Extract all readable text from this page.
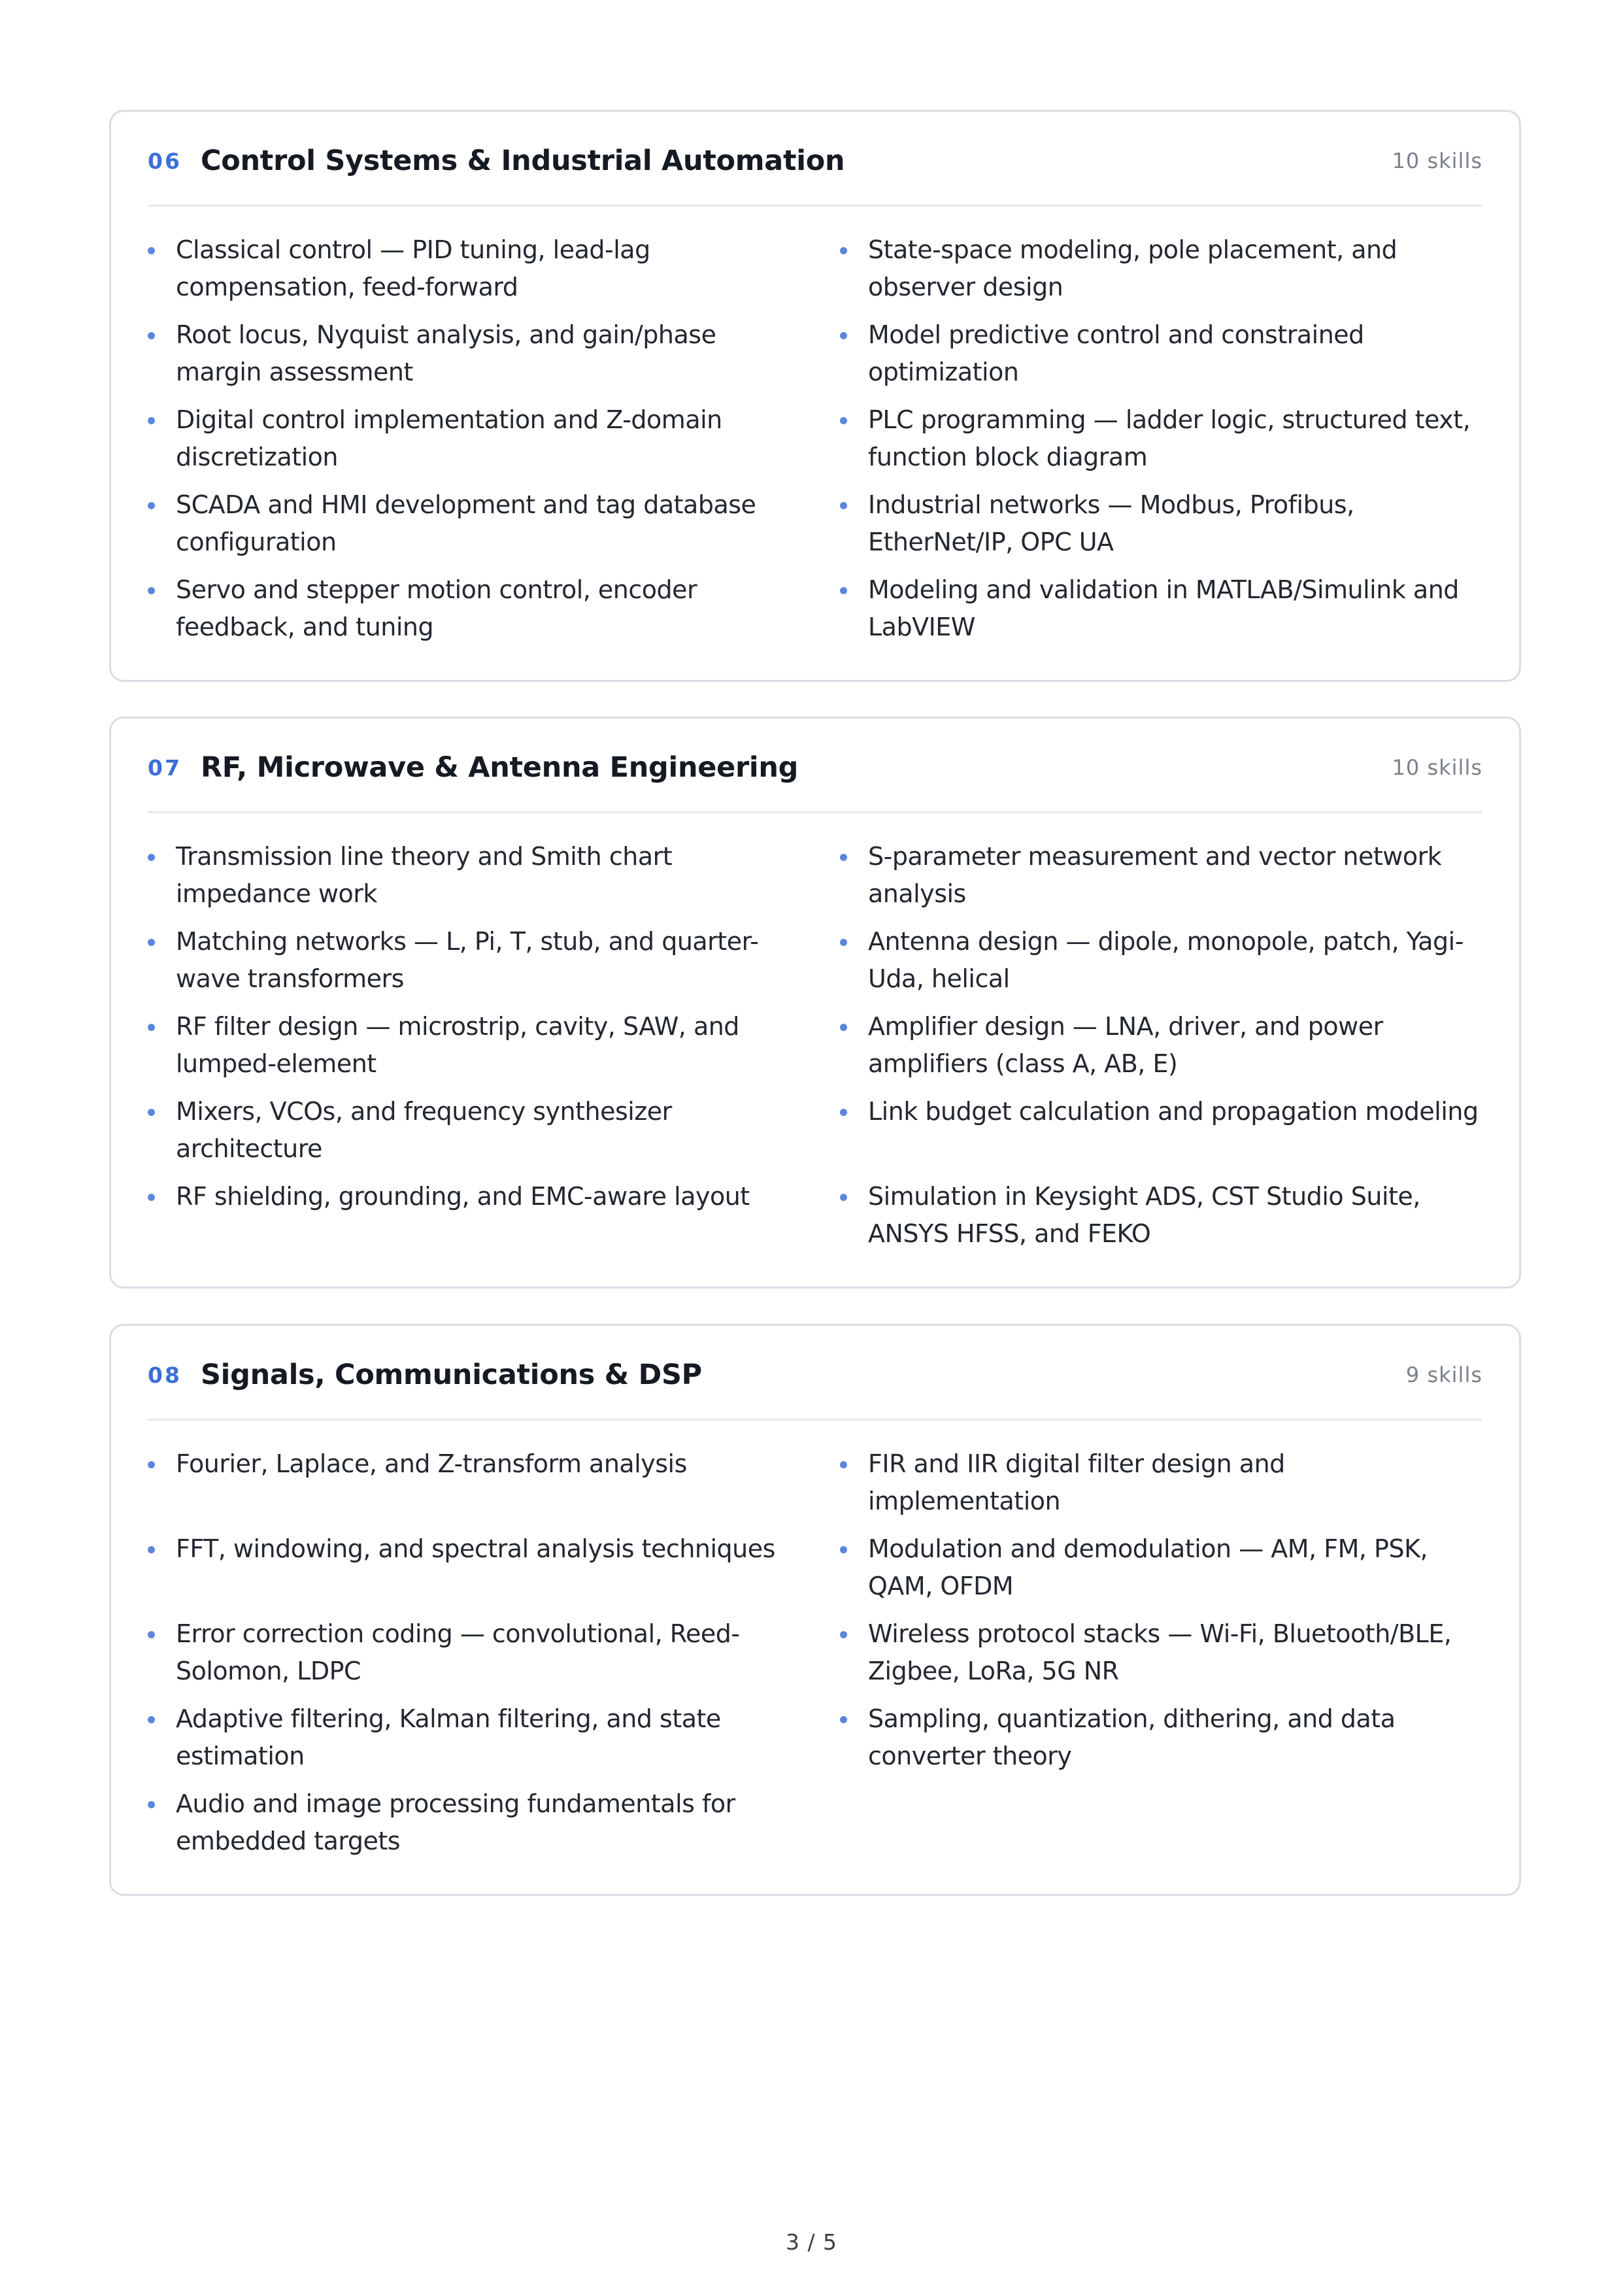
06 Control Systems & Industrial Automation	10 skills
Classical control — PID tuning, lead-lag compensation, feed-forward
State-space modeling, pole placement, and observer design
Root locus, Nyquist analysis, and gain/phase margin assessment
Model predictive control and constrained optimization
Digital control implementation and Z-domain discretization
PLC programming — ladder logic, structured text, function block diagram
SCADA and HMI development and tag database configuration
Industrial networks — Modbus, Profibus, EtherNet/IP, OPC UA
Servo and stepper motion control, encoder feedback, and tuning
Modeling and validation in MATLAB/Simulink and LabVIEW
07 RF, Microwave & Antenna Engineering	10 skills
Transmission line theory and Smith chart impedance work
S-parameter measurement and vector network analysis
Matching networks — L, Pi, T, stub, and quarter-wave transformers
Antenna design — dipole, monopole, patch, Yagi-Uda, helical
RF filter design — microstrip, cavity, SAW, and lumped-element
Amplifier design — LNA, driver, and power amplifiers (class A, AB, E)
Mixers, VCOs, and frequency synthesizer architecture
Link budget calculation and propagation modeling
RF shielding, grounding, and EMC-aware layout	Simulation in Keysight ADS, CST Studio Suite, ANSYS HFSS, and FEKO
08 Signals, Communications & DSP	9 skills
Fourier, Laplace, and Z-transform analysis	FIR and IIR digital filter design and implementation
FFT, windowing, and spectral analysis techniques	Modulation and demodulation — AM, FM, PSK, QAM, OFDM
Error correction coding — convolutional, Reed-Solomon, LDPC
Wireless protocol stacks — Wi-Fi, Bluetooth/BLE, Zigbee, LoRa, 5G NR
Adaptive filtering, Kalman filtering, and state estimation
Sampling, quantization, dithering, and data converter theory
Audio and image processing fundamentals for embedded targets
3 / 5
